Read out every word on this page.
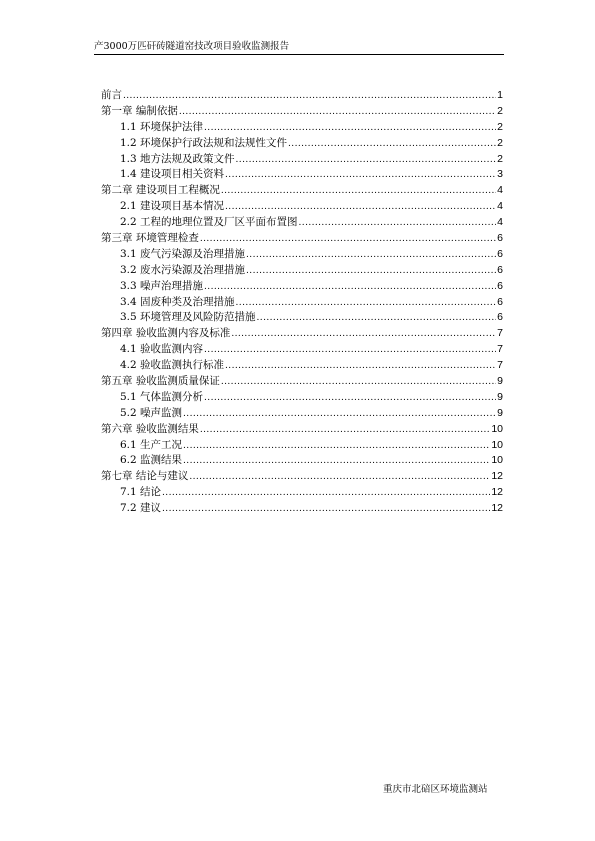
产3000万匹矸砖隧道窑技改项目验收监测报告
前言 .....	1
第一章 编制依据 .....	2
1.1 环境保护法律 .....	2
1.2 环境保护行政法规和法规性文件 .....	2
1.3 地方法规及政策文件 .....	2
1.4 建设项目相关资料 .....	3
第二章 建设项目工程概况 .....	4
2.1 建设项目基本情况 .....	4
2.2 工程的地理位置及厂区平面布置图 .....	4
第三章 环境管理检查 .....	6
3.1 废气污染源及治理措施 .....	6
3.2 废水污染源及治理措施 .....	6
3.3 噪声治理措施 .....	6
3.4 固废种类及治理措施 .....	6
3.5 环境管理及风险防范措施 .....	6
第四章 验收监测内容及标准 .....	7
4.1 验收监测内容 .....	7
4.2 验收监测执行标准 .....	7
第五章 验收监测质量保证 .....	9
5.1 气体监测分析 .....	9
5.2 噪声监测 .....	9
第六章 验收监测结果 .....	10
6.1 生产工况 .....	10
6.2 监测结果 .....	10
第七章 结论与建议 .....	12
7.1 结论 .....	12
7.2 建议 .....	12
重庆市北碚区环境监测站
